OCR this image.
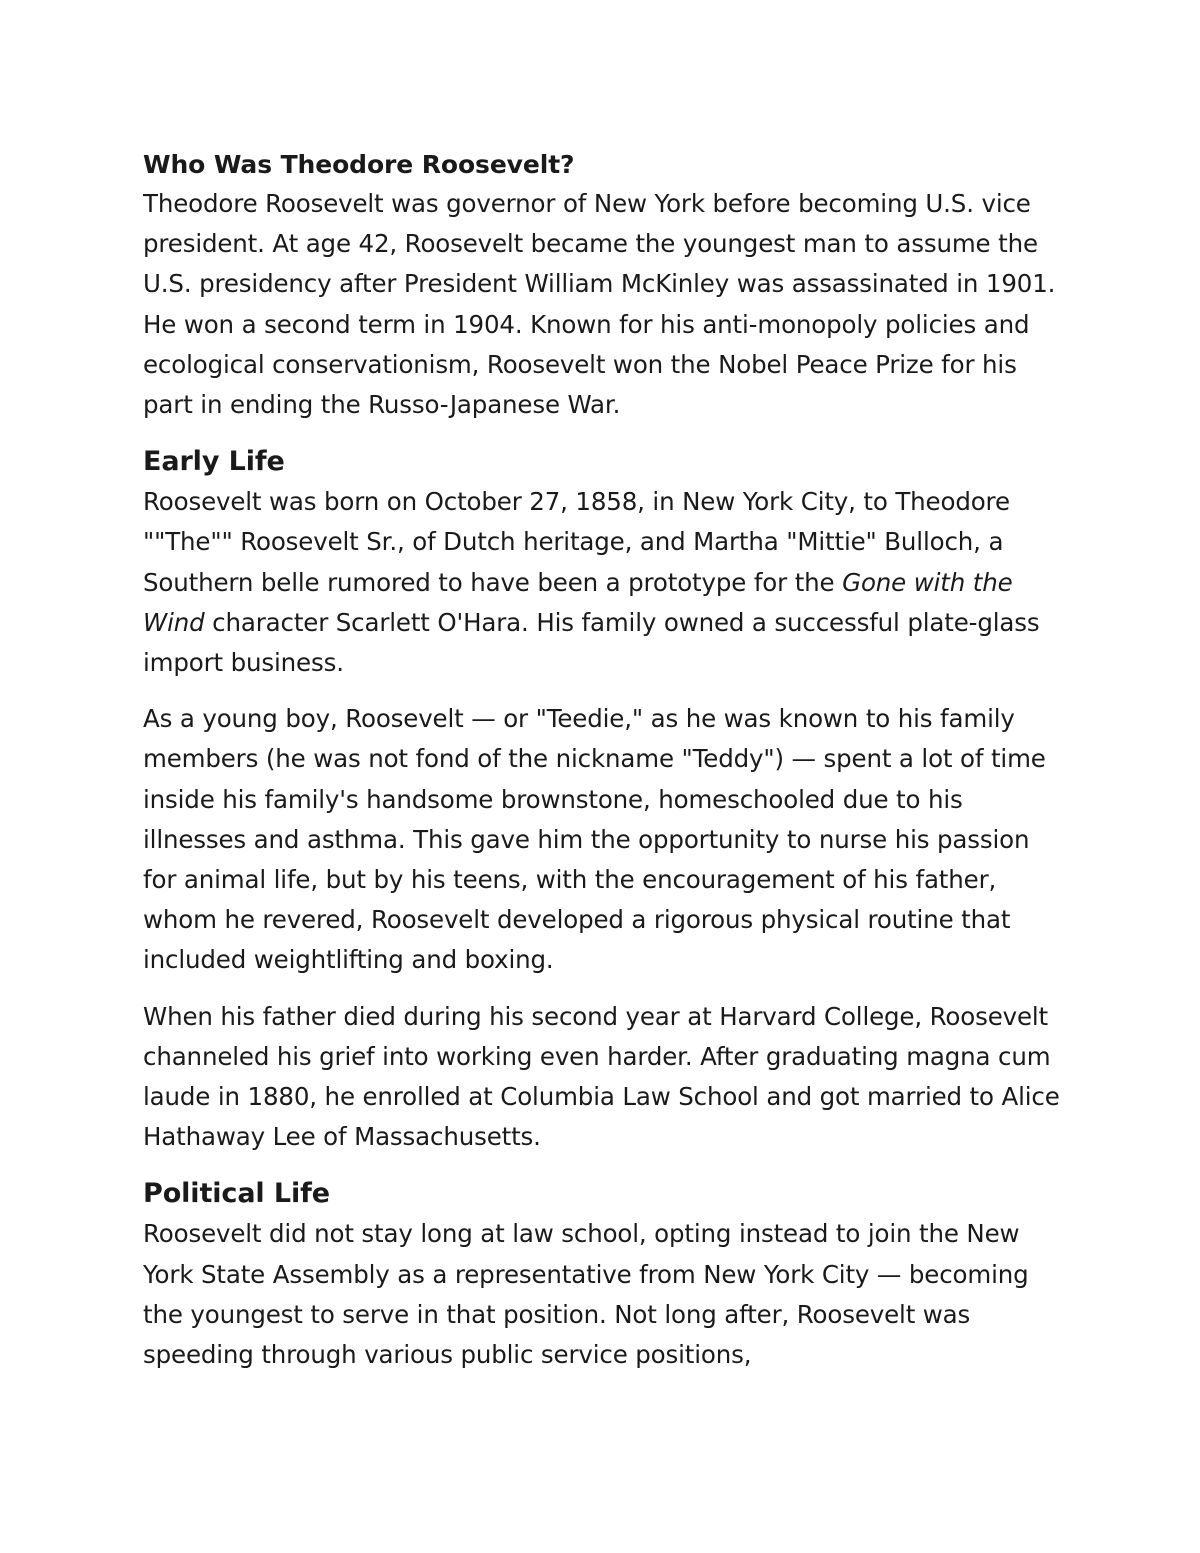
Who Was Theodore Roosevelt?

Theodore Roosevelt was governor of New York before becoming U.S. vice president. At age 42, Roosevelt became the youngest man to assume the U.S. presidency after President William McKinley was assassinated in 1901. He won a second term in 1904. Known for his anti-monopoly policies and ecological conservationism, Roosevelt won the Nobel Peace Prize for his part in ending the Russo-Japanese War.

Early Life

Roosevelt was born on October 27, 1858, in New York City, to Theodore ""The"" Roosevelt Sr., of Dutch heritage, and Martha "Mittie" Bulloch, a Southern belle rumored to have been a prototype for the Gone with the Wind character Scarlett O'Hara. His family owned a successful plate-glass import business.

As a young boy, Roosevelt — or "Teedie," as he was known to his family members (he was not fond of the nickname "Teddy") — spent a lot of time inside his family's handsome brownstone, homeschooled due to his illnesses and asthma. This gave him the opportunity to nurse his passion for animal life, but by his teens, with the encouragement of his father, whom he revered, Roosevelt developed a rigorous physical routine that included weightlifting and boxing.

When his father died during his second year at Harvard College, Roosevelt channeled his grief into working even harder. After graduating magna cum laude in 1880, he enrolled at Columbia Law School and got married to Alice Hathaway Lee of Massachusetts.

Political Life

Roosevelt did not stay long at law school, opting instead to join the New York State Assembly as a representative from New York City — becoming the youngest to serve in that position. Not long after, Roosevelt was speeding through various public service positions,
